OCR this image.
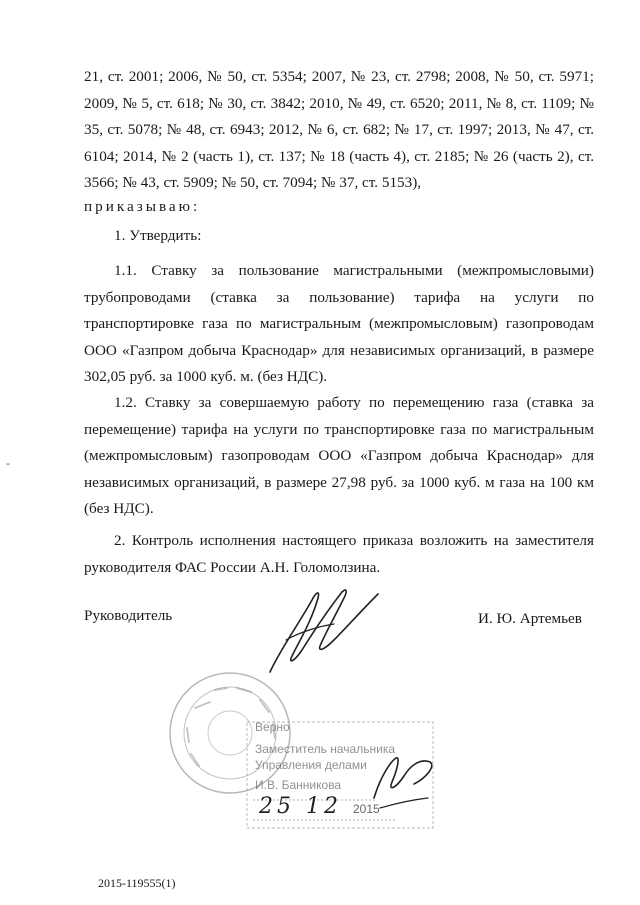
-

21, ст. 2001; 2006, № 50, ст. 5354; 2007, № 23, ст. 2798; 2008, № 50, ст. 5971; 2009, № 5, ст. 618; № 30, ст. 3842; 2010, № 49, ст. 6520; 2011, № 8, ст. 1109; № 35, ст. 5078; № 48, ст. 6943; 2012, № 6, ст. 682; № 17, ст. 1997; 2013, № 47, ст. 6104; 2014, № 2 (часть 1), ст. 137; № 18 (часть 4), ст. 2185; № 26 (часть 2), ст. 3566; № 43, ст. 5909; № 50, ст. 7094; № 37, ст. 5153),

приказываю:

1. Утвердить:

1.1. Ставку за пользование магистральными (межпромысловыми) трубопроводами (ставка за пользование) тарифа на услуги по транспортировке газа по магистральным (межпромысловым) газопроводам ООО «Газпром добыча Краснодар» для независимых организаций, в размере 302,05 руб. за 1000 куб. м. (без НДС).

1.2. Ставку за совершаемую работу по перемещению газа (ставка за перемещение) тарифа на услуги по транспортировке газа по магистральным (межпромысловым) газопроводам ООО «Газпром добыча Краснодар» для независимых организаций, в размере 27,98 руб. за 1000 куб. м газа на 100 км (без НДС).

2. Контроль исполнения настоящего приказа возложить на заместителя руководителя ФАС России А.Н. Голомолзина.

Руководитель	И. Ю. Артемьев
Верно
Заместитель начальника
Управления делами
И.В. Банникова
25 12 2015
2015-119555(1)
